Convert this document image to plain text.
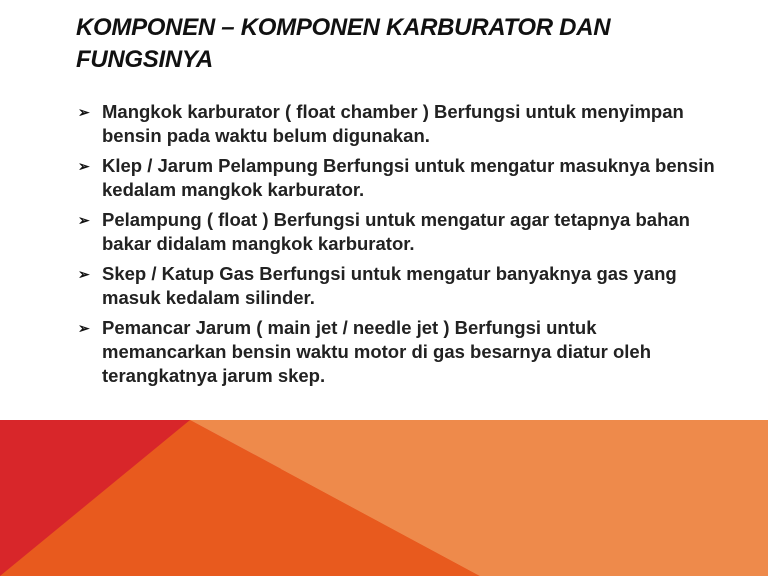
KOMPONEN – KOMPONEN KARBURATOR DAN FUNGSINYA
➢ Mangkok karburator ( float chamber ) Berfungsi untuk menyimpan bensin pada waktu belum digunakan.
➢ Klep / Jarum Pelampung Berfungsi untuk mengatur masuknya bensin kedalam mangkok karburator.
➢ Pelampung ( float ) Berfungsi untuk mengatur agar tetapnya bahan bakar didalam mangkok karburator.
➢ Skep / Katup Gas Berfungsi untuk mengatur banyaknya gas yang masuk kedalam silinder.
➢ Pemancar Jarum ( main jet / needle jet ) Berfungsi untuk memancarkan bensin waktu motor di gas besarnya diatur oleh terangkatnya jarum skep.
